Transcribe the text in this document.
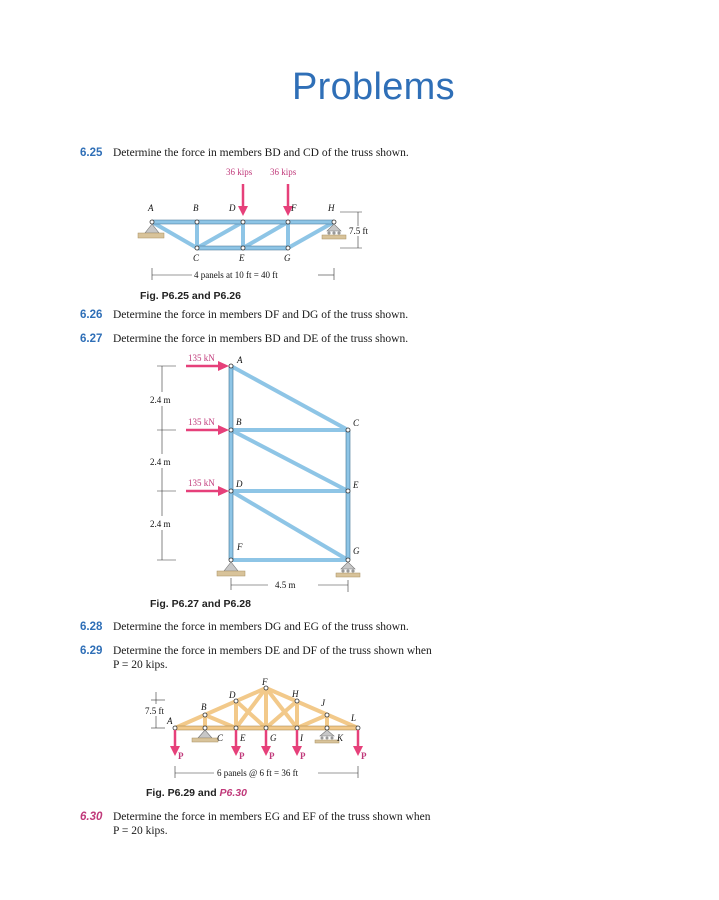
Problems
6.25 Determine the force in members BD and CD of the truss shown.
36 kips 36 kips
A	B	D	F	H
C	E	G
7.5 ft
4 panels at 10 ft = 40 ft
Fig. P6.25 and P6.26
6.26 Determine the force in members DF and DG of the truss shown.
6.27 Determine the force in members BD and DE of the truss shown.
135 kN
135 kN
135 kN
A
B
D
F
C
E
G
2.4 m
2.4 m
2.4 m
4.5 m
Fig. P6.27 and P6.28
6.28 Determine the force in members DG and EG of the truss shown.
6.29 Determine the force in members DE and DF of the truss shown when
P = 20 kips.
P	P	P	P	P
A
B
D
F
H
J
L
C E	G	I	K
7.5 ft
6 panels @ 6 ft = 36 ft
Fig. P6.29 and P6.30
6.30 Determine the force in members EG and EF of the truss shown when
P = 20 kips.
